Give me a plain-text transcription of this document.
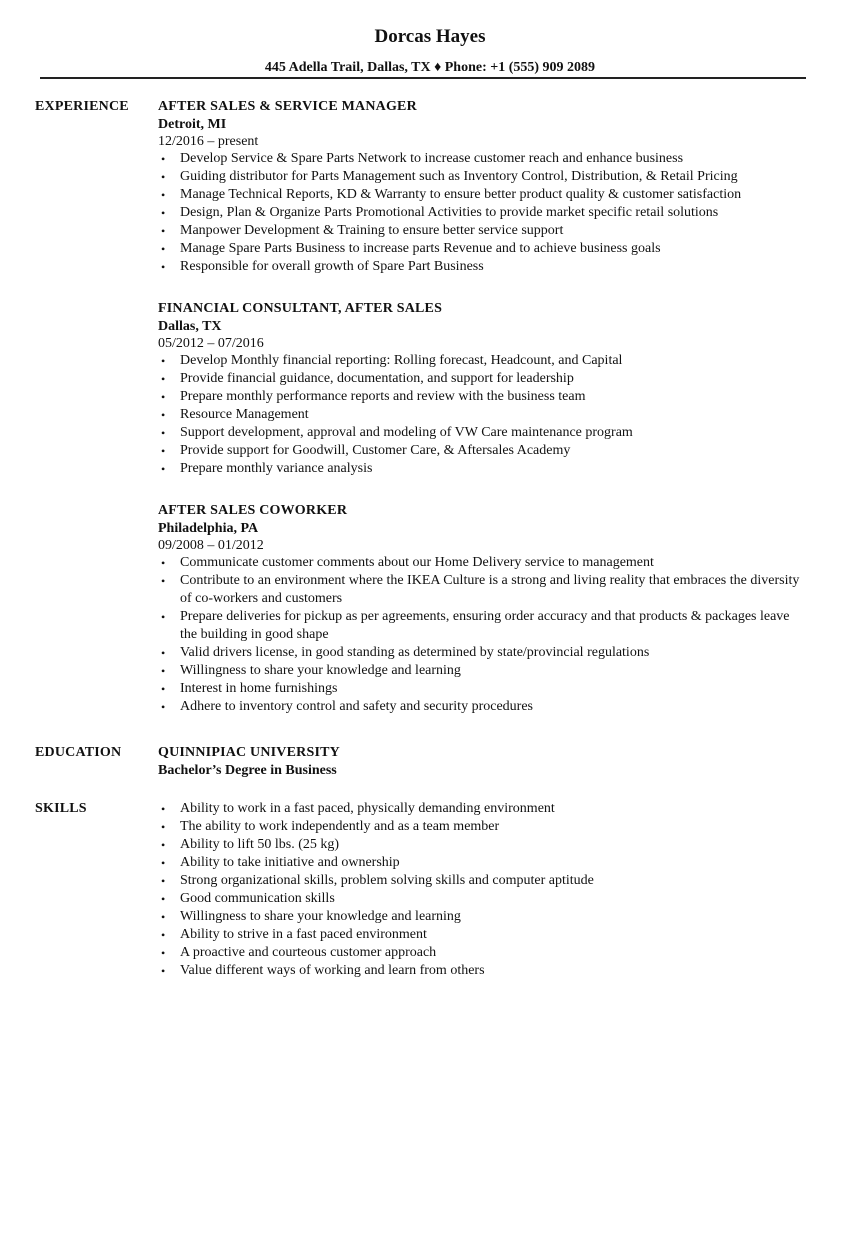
Dorcas Hayes
445 Adella Trail, Dallas, TX ♦ Phone: +1 (555) 909 2089
EXPERIENCE AFTER SALES & SERVICE MANAGER
Detroit, MI
12/2016 – present
• Develop Service & Spare Parts Network to increase customer reach and enhance business
• Guiding distributor for Parts Management such as Inventory Control, Distribution, & Retail Pricing
• Manage Technical Reports, KD & Warranty to ensure better product quality & customer satisfaction
• Design, Plan & Organize Parts Promotional Activities to provide market specific retail solutions
• Manpower Development & Training to ensure better service support
• Manage Spare Parts Business to increase parts Revenue and to achieve business goals
• Responsible for overall growth of Spare Part Business
FINANCIAL CONSULTANT, AFTER SALES
Dallas, TX
05/2012 – 07/2016
• Develop Monthly financial reporting: Rolling forecast, Headcount, and Capital
• Provide financial guidance, documentation, and support for leadership
• Prepare monthly performance reports and review with the business team
• Resource Management
• Support development, approval and modeling of VW Care maintenance program
• Provide support for Goodwill, Customer Care, & Aftersales Academy
• Prepare monthly variance analysis
AFTER SALES COWORKER
Philadelphia, PA
09/2008 – 01/2012
• Communicate customer comments about our Home Delivery service to management
• Contribute to an environment where the IKEA Culture is a strong and living reality that embraces the diversity of co-workers and customers
• Prepare deliveries for pickup as per agreements, ensuring order accuracy and that products & packages leave the building in good shape
• Valid drivers license, in good standing as determined by state/provincial regulations
• Willingness to share your knowledge and learning
• Interest in home furnishings
• Adhere to inventory control and safety and security procedures
EDUCATION	QUINNIPIAC UNIVERSITY
Bachelor’s Degree in Business
SKILLS
•	Ability to work in a fast paced, physically demanding environment
• The ability to work independently and as a team member
• Ability to lift 50 lbs. (25 kg)
• Ability to take initiative and ownership
• Strong organizational skills, problem solving skills and computer aptitude
• Good communication skills
• Willingness to share your knowledge and learning
• Ability to strive in a fast paced environment
• A proactive and courteous customer approach
• Value different ways of working and learn from others
